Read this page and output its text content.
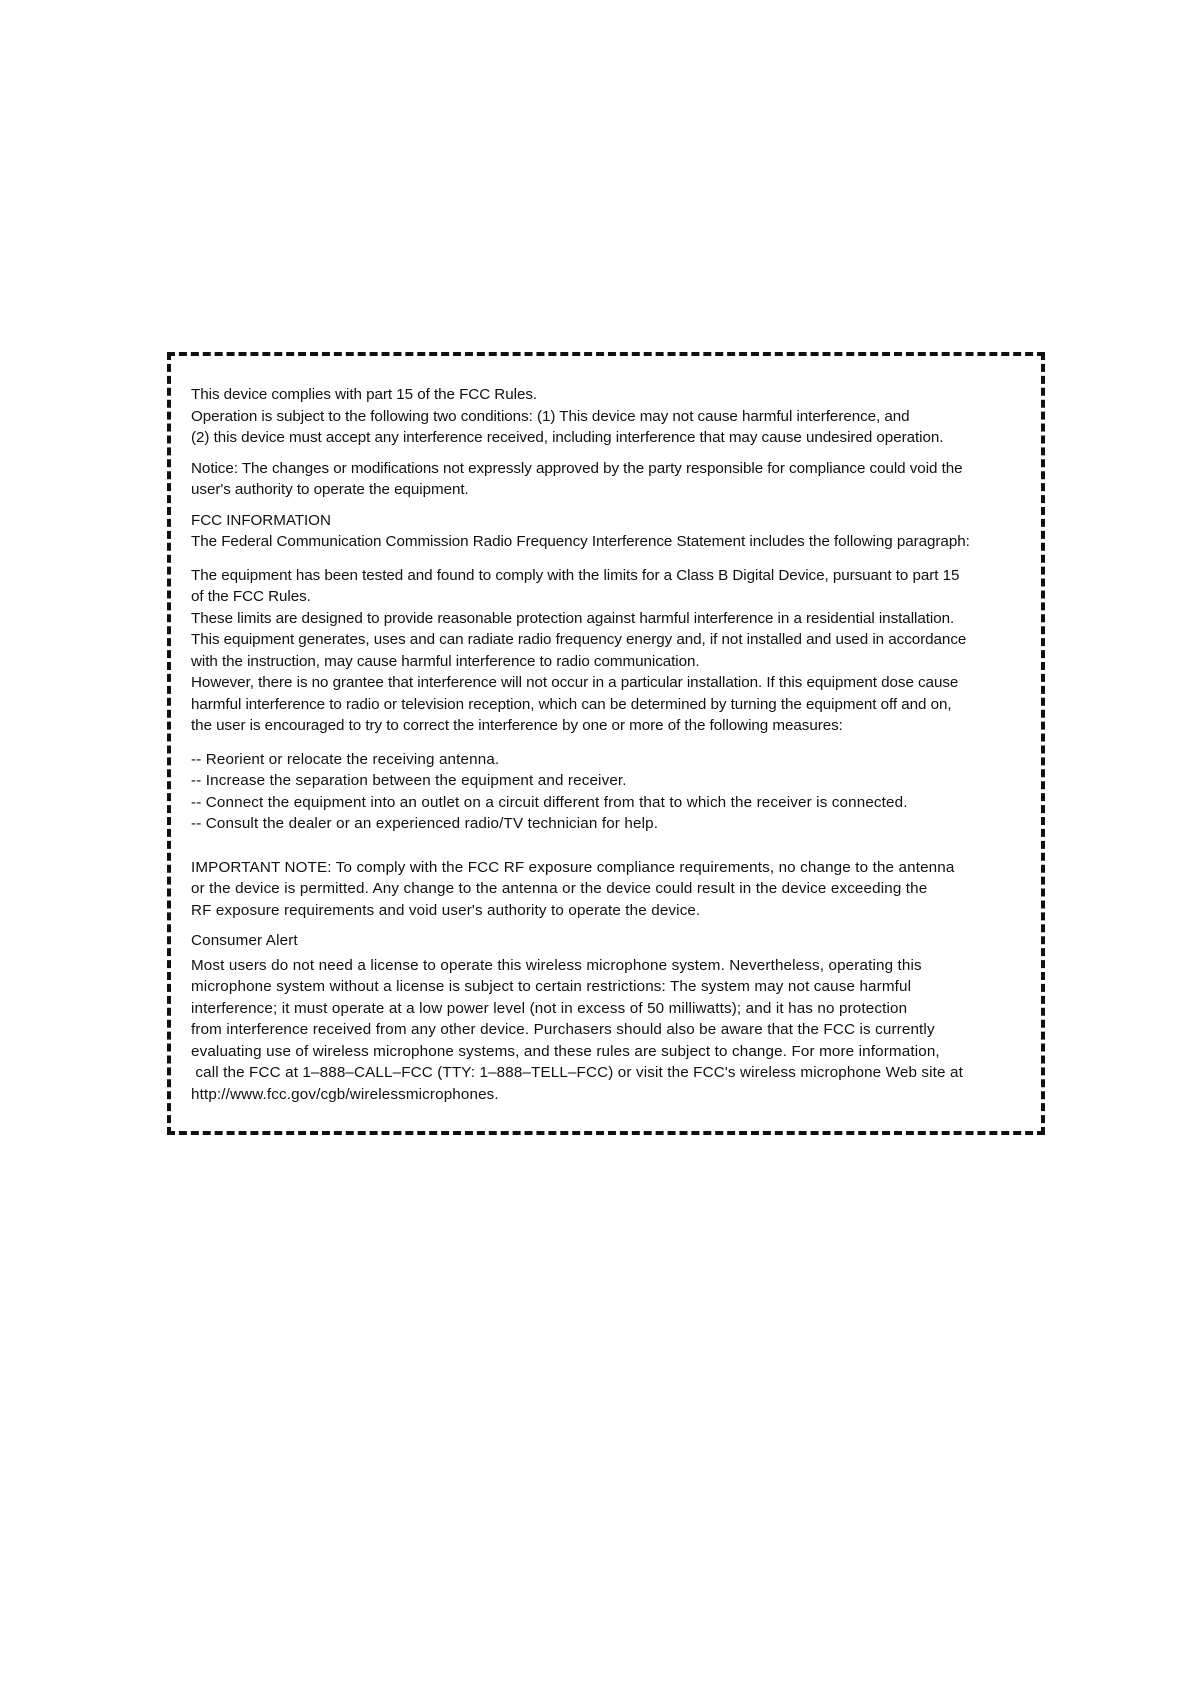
This device complies with part 15 of the FCC Rules.

Operation is subject to the following two conditions: (1) This device may not cause harmful interference, and

(2) this device must accept any interference received, including interference that may cause undesired operation.

Notice: The changes or modifications not expressly approved by the party responsible for compliance could void the

user's authority to operate the equipment.

FCC INFORMATION

The Federal Communication Commission Radio Frequency Interference Statement includes the following paragraph:

The equipment has been tested and found to comply with the limits for a Class B Digital Device, pursuant to part 15

of the FCC Rules.

These limits are designed to provide reasonable protection against harmful interference in a residential installation.

This equipment generates, uses and can radiate radio frequency energy and, if not installed and used in accordance

with the instruction, may cause harmful interference to radio communication.

However, there is no grantee that interference will not occur in a particular installation. If this equipment dose cause

harmful interference to radio or television reception, which can be determined by turning the equipment off and on,

the user is encouraged to try to correct the interference by one or more of the following measures:

-- Reorient or relocate the receiving antenna.

-- Increase the separation between the equipment and receiver.

-- Connect the equipment into an outlet on a circuit different from that to which the receiver is connected.

-- Consult the dealer or an experienced radio/TV technician for help.

IMPORTANT NOTE: To comply with the FCC RF exposure compliance requirements, no change to the antenna

or the device is permitted. Any change to the antenna or the device could result in the device exceeding the

RF exposure requirements and void user's authority to operate the device.

Consumer Alert

Most users do not need a license to operate this wireless microphone system. Nevertheless, operating this

microphone system without a license is subject to certain restrictions: The system may not cause harmful

interference; it must operate at a low power level (not in excess of 50 milliwatts); and it has no protection

from interference received from any other device. Purchasers should also be aware that the FCC is currently

evaluating use of wireless microphone systems, and these rules are subject to change. For more information,

call the FCC at 1–888–CALL–FCC (TTY: 1–888–TELL–FCC) or visit the FCC's wireless microphone Web site at

http://www.fcc.gov/cgb/wirelessmicrophones.
